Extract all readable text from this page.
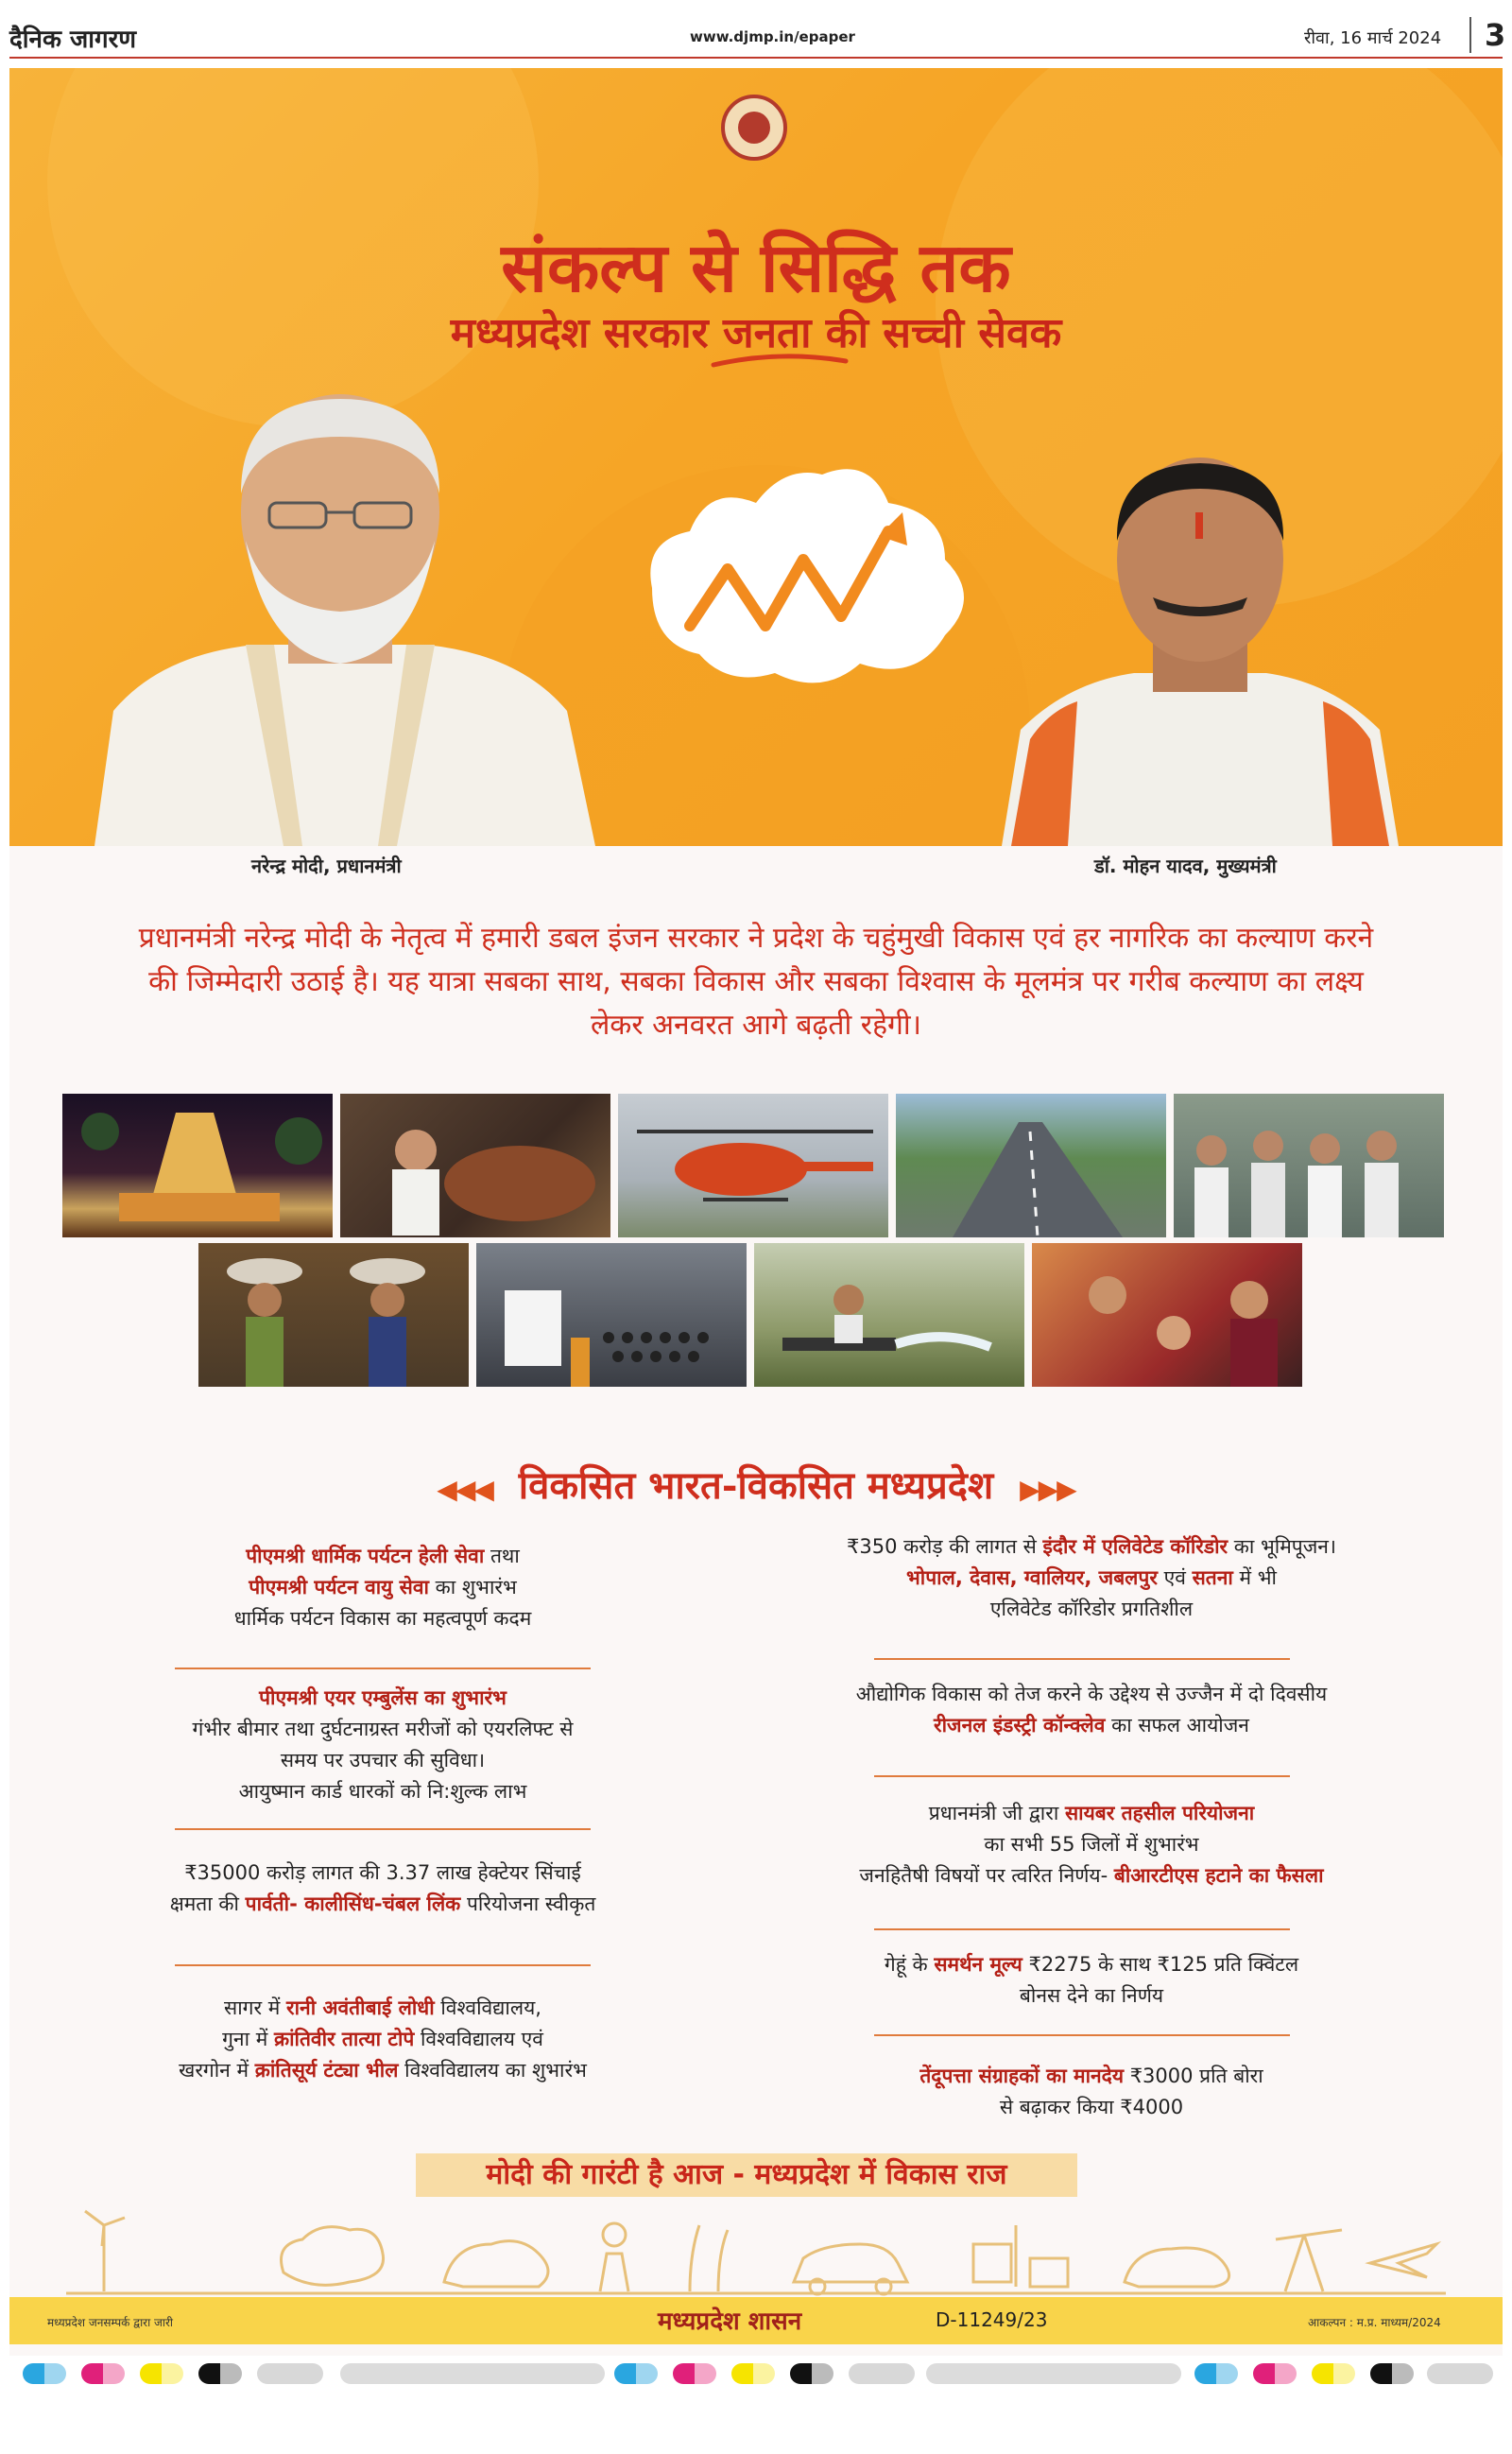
दैनिक जागरण	www.djmp.in/epaper	रीवा, 16 मार्च 2024	3
संकल्प से सिद्धि तक
मध्यप्रदेश सरकार जनता की सच्ची सेवक
नरेन्द्र मोदी, प्रधानमंत्री	डॉ. मोहन यादव, मुख्यमंत्री
प्रधानमंत्री नरेन्द्र मोदी के नेतृत्व में हमारी डबल इंजन सरकार ने प्रदेश के चहुंमुखी विकास एवं हर नागरिक का कल्याण करने की जिम्मेदारी उठाई है। यह यात्रा सबका साथ, सबका विकास और सबका विश्वास के मूलमंत्र पर गरीब कल्याण का लक्ष्य लेकर अनवरत आगे बढ़ती रहेगी।
◀◀◀ विकसित भारत-विकसित मध्यप्रदेश ▶▶▶
पीएमश्री धार्मिक पर्यटन हेली सेवा तथा
पीएमश्री पर्यटन वायु सेवा का शुभारंभ
धार्मिक पर्यटन विकास का महत्वपूर्ण कदम
पीएमश्री एयर एम्बुलेंस का शुभारंभ
गंभीर बीमार तथा दुर्घटनाग्रस्त मरीजों को एयरलिफ्ट से
समय पर उपचार की सुविधा।
आयुष्मान कार्ड धारकों को नि:शुल्क लाभ
₹35000 करोड़ लागत की 3.37 लाख हेक्टेयर सिंचाई
क्षमता की पार्वती- कालीसिंध-चंबल लिंक परियोजना स्वीकृत
सागर में रानी अवंतीबाई लोधी विश्वविद्यालय,
गुना में क्रांतिवीर तात्या टोपे विश्वविद्यालय एवं
खरगोन में क्रांतिसूर्य टंट्या भील विश्वविद्यालय का शुभारंभ
₹350 करोड़ की लागत से इंदौर में एलिवेटेड कॉरिडोर का भूमिपूजन।
भोपाल, देवास, ग्वालियर, जबलपुर एवं सतना में भी
एलिवेटेड कॉरिडोर प्रगतिशील
औद्योगिक विकास को तेज करने के उद्देश्य से उज्जैन में दो दिवसीय
रीजनल इंडस्ट्री कॉन्क्लेव का सफल आयोजन
प्रधानमंत्री जी द्वारा सायबर तहसील परियोजना
का सभी 55 जिलों में शुभारंभ
जनहितैषी विषयों पर त्वरित निर्णय- बीआरटीएस हटाने का फैसला
गेहूं के समर्थन मूल्य ₹2275 के साथ ₹125 प्रति क्विंटल
बोनस देने का निर्णय
तेंदूपत्ता संग्राहकों का मानदेय ₹3000 प्रति बोरा
से बढ़ाकर किया ₹4000
मोदी की गारंटी है आज - मध्यप्रदेश में विकास राज
मध्यप्रदेश जनसम्पर्क द्वारा जारी	मध्यप्रदेश शासन	D-11249/23	आकल्पन : म.प्र. माध्यम/2024
